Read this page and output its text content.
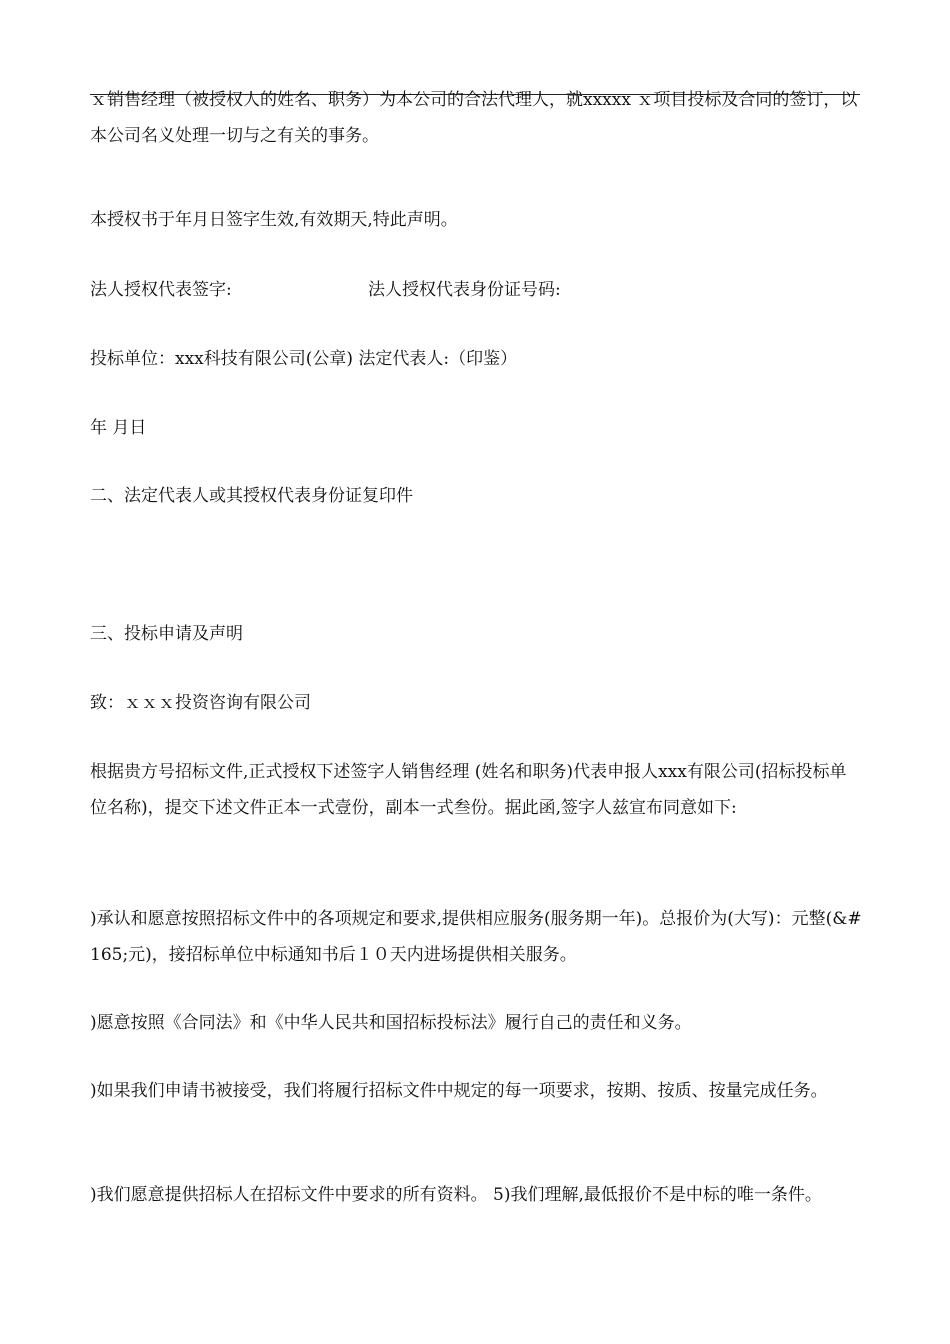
ｘ销售经理（被授权人的姓名、职务）为本公司的合法代理人，就xxxxx ｘ项目投标及合同的签订，以本公司名义处理一切与之有关的事务。

本授权书于年月日签字生效,有效期天,特此声明。

法人授权代表签字:	法人授权代表身份证号码:

投标单位：xxx科技有限公司(公章) 法定代表人:（印鉴）

年 月日

二、法定代表人或其授权代表身份证复印件

三、投标申请及声明

致：ｘｘｘ投资咨询有限公司

根据贵方号招标文件,正式授权下述签字人销售经理 (姓名和职务)代表申报人xxx有限公司(招标投标单位名称)，提交下述文件正本一式壹份，副本一式叁份。据此函,签字人兹宣布同意如下:

)承认和愿意按照招标文件中的各项规定和要求,提供相应服务(服务期一年)。总报价为(大写)：元整(&#165;元)，接招标单位中标通知书后１０天内进场提供相关服务。

)愿意按照《合同法》和《中华人民共和国招标投标法》履行自己的责任和义务。

)如果我们申请书被接受，我们将履行招标文件中规定的每一项要求，按期、按质、按量完成任务。

)我们愿意提供招标人在招标文件中要求的所有资料。 5)我们理解,最低报价不是中标的唯一条件。
